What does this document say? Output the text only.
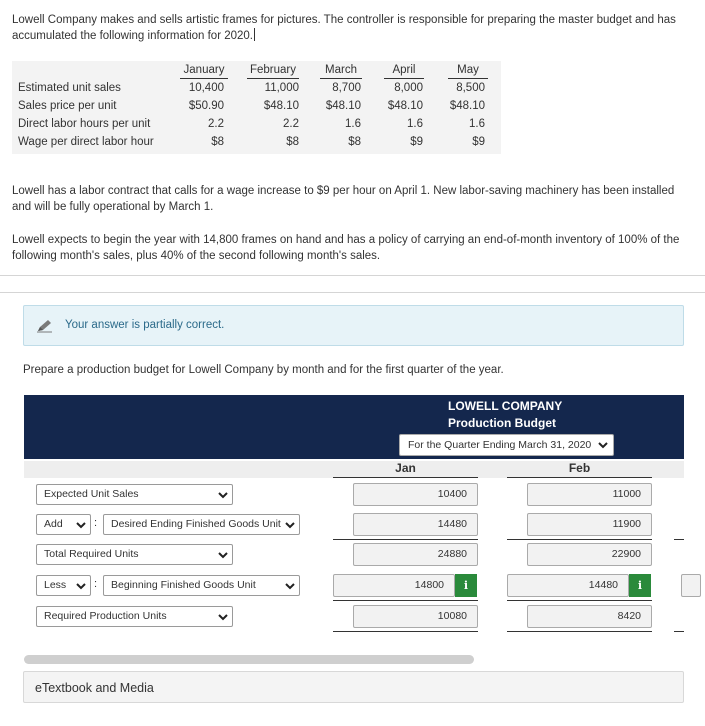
Lowell Company makes and sells artistic frames for pictures. The controller is responsible for preparing the master budget and has accumulated the following information for 2020.
January	February	March	April	May
Estimated unit sales	10,400	11,000	8,700	8,000	8,500
Sales price per unit	$50.90	$48.10	$48.10	$48.10	$48.10
Direct labor hours per unit	2.2	2.2	1.6	1.6	1.6
Wage per direct labor hour	$8	$8	$8	$9	$9
Lowell has a labor contract that calls for a wage increase to $9 per hour on April 1. New labor-saving machinery has been installed and will be fully operational by March 1.
Lowell expects to begin the year with 14,800 frames on hand and has a policy of carrying an end-of-month inventory of 100% of the following month's sales, plus 40% of the second following month's sales.
Your answer is partially correct.
Prepare a production budget for Lowell Company by month and for the first quarter of the year.
LOWELL COMPANY
Production Budget
For the Quarter Ending March 31, 2020
Jan	Feb
Expected Unit Sales	10400	11000
Add	:	Desired Ending Finished Goods Unit	14480	11900
Total Required Units	24880	22900
Less	:	Beginning Finished Goods Unit	14800	i	14480	i
Required Production Units	10080	8420
eTextbook and Media
